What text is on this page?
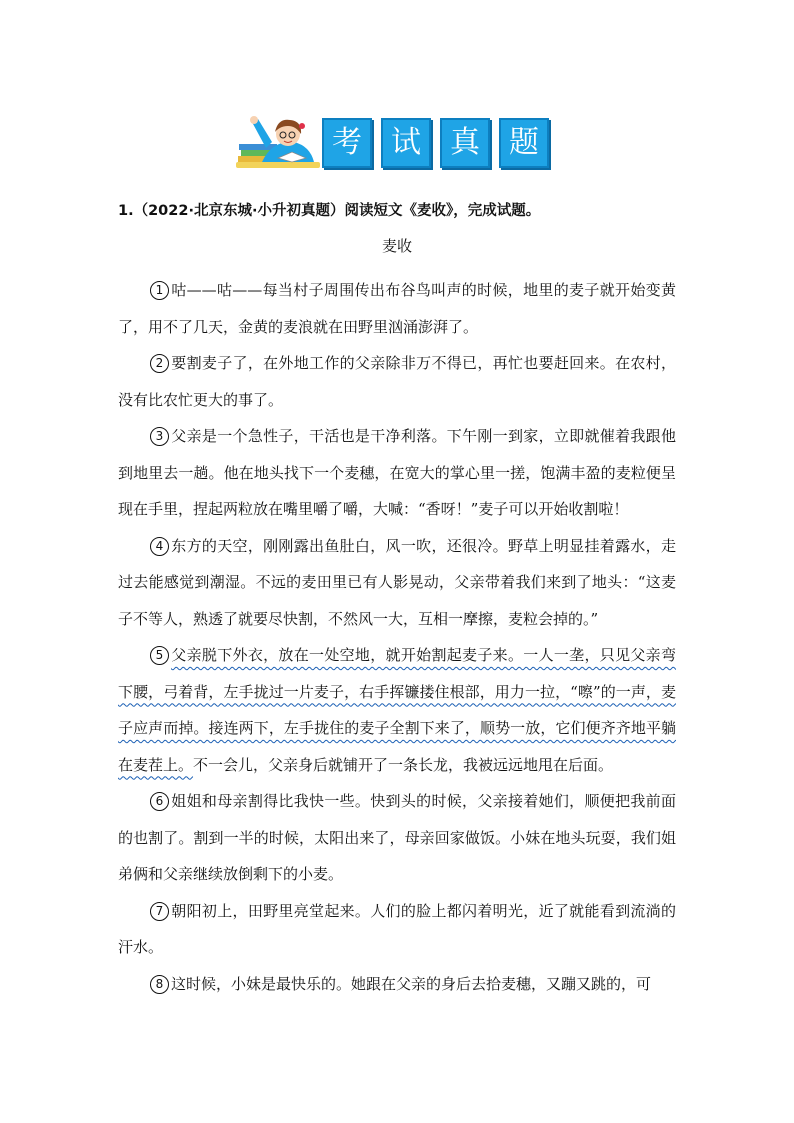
考 试 真 题
1.（2022·北京东城·小升初真题）阅读短文《麦收》，完成试题。
麦收

1 咕——咕——每当村子周围传出布谷鸟叫声的时候，地里的麦子就开始变黄了，用不了几天，金黄的麦浪就在田野里汹涌澎湃了。

2 要割麦子了，在外地工作的父亲除非万不得已，再忙也要赶回来。在农村，没有比农忙更大的事了。

3 父亲是一个急性子，干活也是干净利落。下午刚一到家，立即就催着我跟他到地里去一趟。他在地头找下一个麦穗，在宽大的掌心里一搓，饱满丰盈的麦粒便呈现在手里，捏起两粒放在嘴里嚼了嚼，大喊：“香呀！”麦子可以开始收割啦！

4 东方的天空，刚刚露出鱼肚白，风一吹，还很冷。野草上明显挂着露水，走过去能感觉到潮湿。不远的麦田里已有人影晃动，父亲带着我们来到了地头：“这麦子不等人，熟透了就要尽快割，不然风一大，互相一摩擦，麦粒会掉的。”

5 父亲脱下外衣，放在一处空地，就开始割起麦子来。一人一垄，只见父亲弯下腰，弓着背，左手拢过一片麦子，右手挥镰搂住根部，用力一拉，“嚓”的一声，麦子应声而掉。接连两下，左手拢住的麦子全割下来了，顺势一放，它们便齐齐地平躺在麦茬上。不一会儿，父亲身后就铺开了一条长龙，我被远远地甩在后面。

6 姐姐和母亲割得比我快一些。快到头的时候，父亲接着她们，顺便把我前面的也割了。割到一半的时候，太阳出来了，母亲回家做饭。小妹在地头玩耍，我们姐弟俩和父亲继续放倒剩下的小麦。

7 朝阳初上，田野里亮堂起来。人们的脸上都闪着明光，近了就能看到流淌的汗水。

8 这时候，小妹是最快乐的。她跟在父亲的身后去拾麦穗，又蹦又跳的，可
